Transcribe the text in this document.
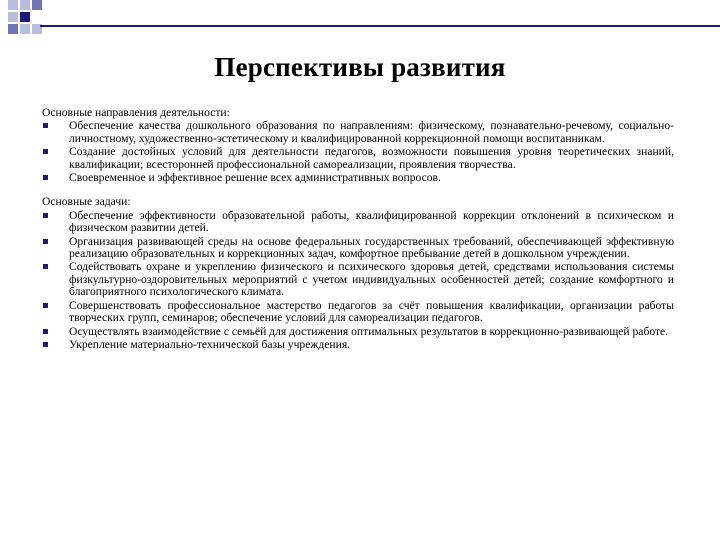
Перспективы развития
Основные направления деятельности:
Обеспечение качества дошкольного образования по направлениям: физическому, познавательно-речевому, социально-личностному, художественно-эстетическому и квалифицированной коррекционной помощи воспитанникам.
Создание достойных условий для деятельности педагогов, возможности повышения уровня теоретических знаний, квалификации; всесторонней профессиональной самореализации, проявления творчества.
Своевременное и эффективное решение всех административных вопросов.
Основные задачи:
Обеспечение эффективности образовательной работы, квалифицированной коррекции отклонений в психическом и физическом развитии детей.
Организация развивающей среды на основе федеральных государственных требований, обеспечивающей эффективную реализацию образовательных и коррекционных задач, комфортное пребывание детей в дошкольном учреждении.
Содействовать охране и укреплению физического и психического здоровья детей, средствами использования системы физкультурно-оздоровительных мероприятий с учетом индивидуальных особенностей детей; создание комфортного и благоприятного психологического климата.
Совершенствовать профессиональное мастерство педагогов за счёт повышения квалификации, организации работы творческих групп, семинаров; обеспечение условий для самореализации педагогов.
Осуществлять взаимодействие с семьёй для достижения оптимальных результатов в коррекционно-развивающей работе.
Укрепление материально-технической базы учреждения.
